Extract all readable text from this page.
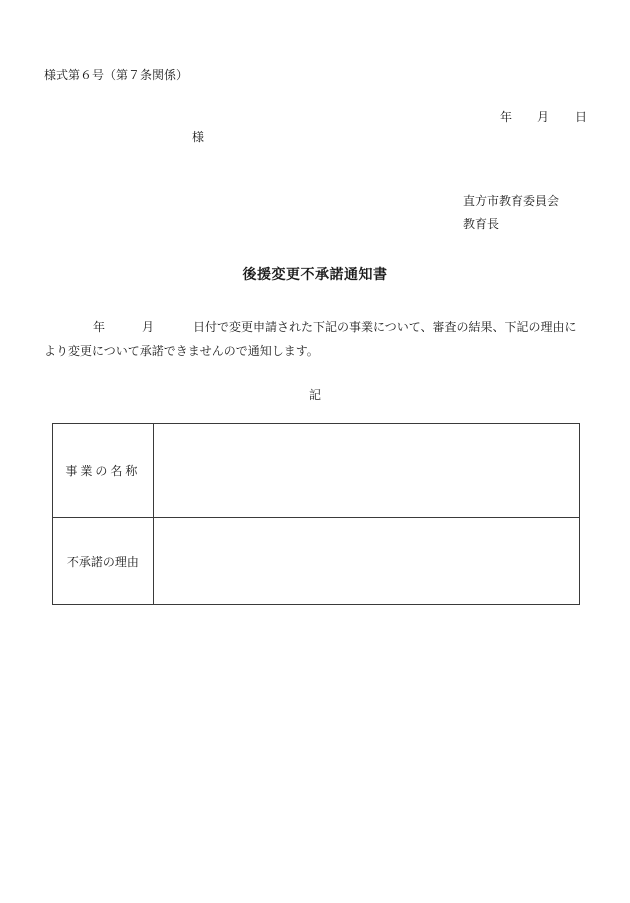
様式第６号（第７条関係）
年 月 日
様
直方市教育委員会
教育長
後援変更不承諾通知書
年	月	日付で変更申請された下記の事業について、審査の結果、下記の理由に
より変更について承諾できませんので通知します。
記
事業の名称	
不承諾の理由	
